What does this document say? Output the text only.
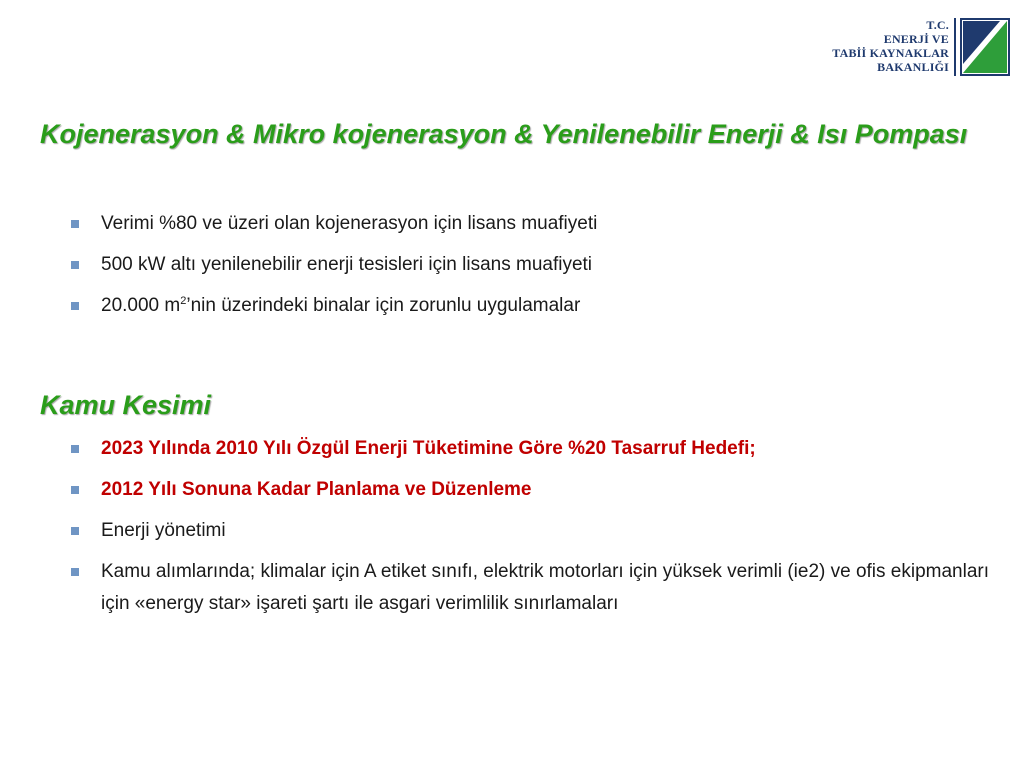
T.C.
ENERJİ VE
TABİİ KAYNAKLAR
BAKANLIĞI
Kojenerasyon & Mikro kojenerasyon & Yenilenebilir Enerji & Isı Pompası
Verimi %80 ve üzeri olan kojenerasyon için lisans muafiyeti
500 kW altı yenilenebilir enerji tesisleri için lisans muafiyeti
20.000 $m^2’nin$ üzerindeki binalar için zorunlu uygulamalar
Kamu Kesimi
2023 Yılında 2010 Yılı Özgül Enerji Tüketimine Göre %20 Tasarruf Hedefi;
2012 Yılı Sonuna Kadar Planlama ve Düzenleme
Enerji yönetimi
Kamu alımlarında; klimalar için A etiket sınıfı, elektrik motorları için yüksek verimli (ie2) ve ofis ekipmanları için «energy star» işareti şartı ile asgari verimlilik sınırlamaları
